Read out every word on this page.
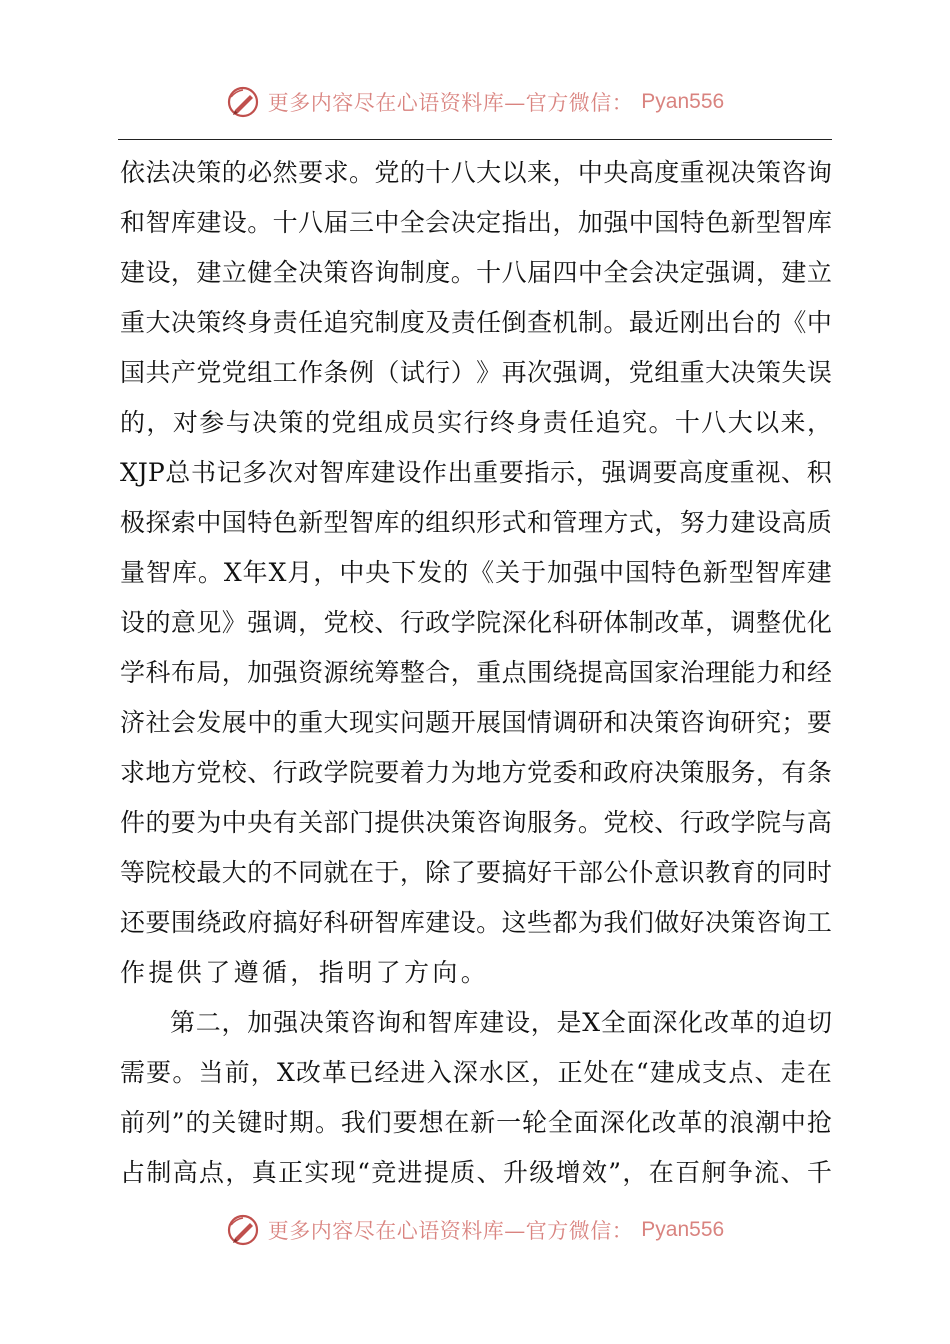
更多内容尽在心语资料库—官方微信： Pyan556
依 法 决 策 的 必 然 要 求 。 党 的 十 八 大 以 来 ， 中 央 高 度 重 视 决 策 咨 询
和 智 库 建 设 。 十 八 届 三 中 全 会 决 定 指 出 ， 加 强 中 国 特 色 新 型 智 库
建 设 ， 建 立 健 全 决 策 咨 询 制 度 。 十 八 届 四 中 全 会 决 定 强 调 ， 建 立
重 大 决 策 终 身 责 任 追 究 制 度 及 责 任 倒 查 机 制 。 最 近 刚 出 台 的 《 中
国 共 产 党 党 组 工 作 条 例 （ 试 行 ） 》 再 次 强 调 ， 党 组 重 大 决 策 失 误
的 ， 对 参 与 决 策 的 党 组 成 员 实 行 终 身 责 任 追 究 。 十 八 大 以 来 ，
XJP 总 书 记 多 次 对 智 库 建 设 作 出 重 要 指 示 ， 强 调 要 高 度 重 视 、 积
极 探 索 中 国 特 色 新 型 智 库 的 组 织 形 式 和 管 理 方 式 ， 努 力 建 设 高 质
量 智 库 。 X 年 X 月 ， 中 央 下 发 的 《 关 于 加 强 中 国 特 色 新 型 智 库 建
设 的 意 见 》 强 调 ， 党 校 、 行 政 学 院 深 化 科 研 体 制 改 革 ， 调 整 优 化
学 科 布 局 ， 加 强 资 源 统 筹 整 合 ， 重 点 围 绕 提 高 国 家 治 理 能 力 和 经
济 社 会 发 展 中 的 重 大 现 实 问 题 开 展 国 情 调 研 和 决 策 咨 询 研 究 ； 要
求 地 方 党 校 、 行 政 学 院 要 着 力 为 地 方 党 委 和 政 府 决 策 服 务 ， 有 条
件 的 要 为 中 央 有 关 部 门 提 供 决 策 咨 询 服 务 。 党 校 、 行 政 学 院 与 高
等 院 校 最 大 的 不 同 就 在 于 ， 除 了 要 搞 好 干 部 公 仆 意 识 教 育 的 同 时
还 要 围 绕 政 府 搞 好 科 研 智 库 建 设 。 这 些 都 为 我 们 做 好 决 策 咨 询 工
作提供了遵循，指明了方向。
第 二 ， 加 强 决 策 咨 询 和 智 库 建 设 ， 是 X 全 面 深 化 改 革 的 迫 切
需 要 。 当 前 ， X 改 革 已 经 进 入 深 水 区 ， 正 处 在 “ 建 成 支 点 、 走 在
前 列 ” 的 关 键 时 期 。 我 们 要 想 在 新 一 轮 全 面 深 化 改 革 的 浪 潮 中 抢
占 制 高 点 ， 真 正 实 现 “ 竞 进 提 质 、 升 级 增 效 ” ， 在 百 舸 争 流 、 千
更多内容尽在心语资料库—官方微信： Pyan556
